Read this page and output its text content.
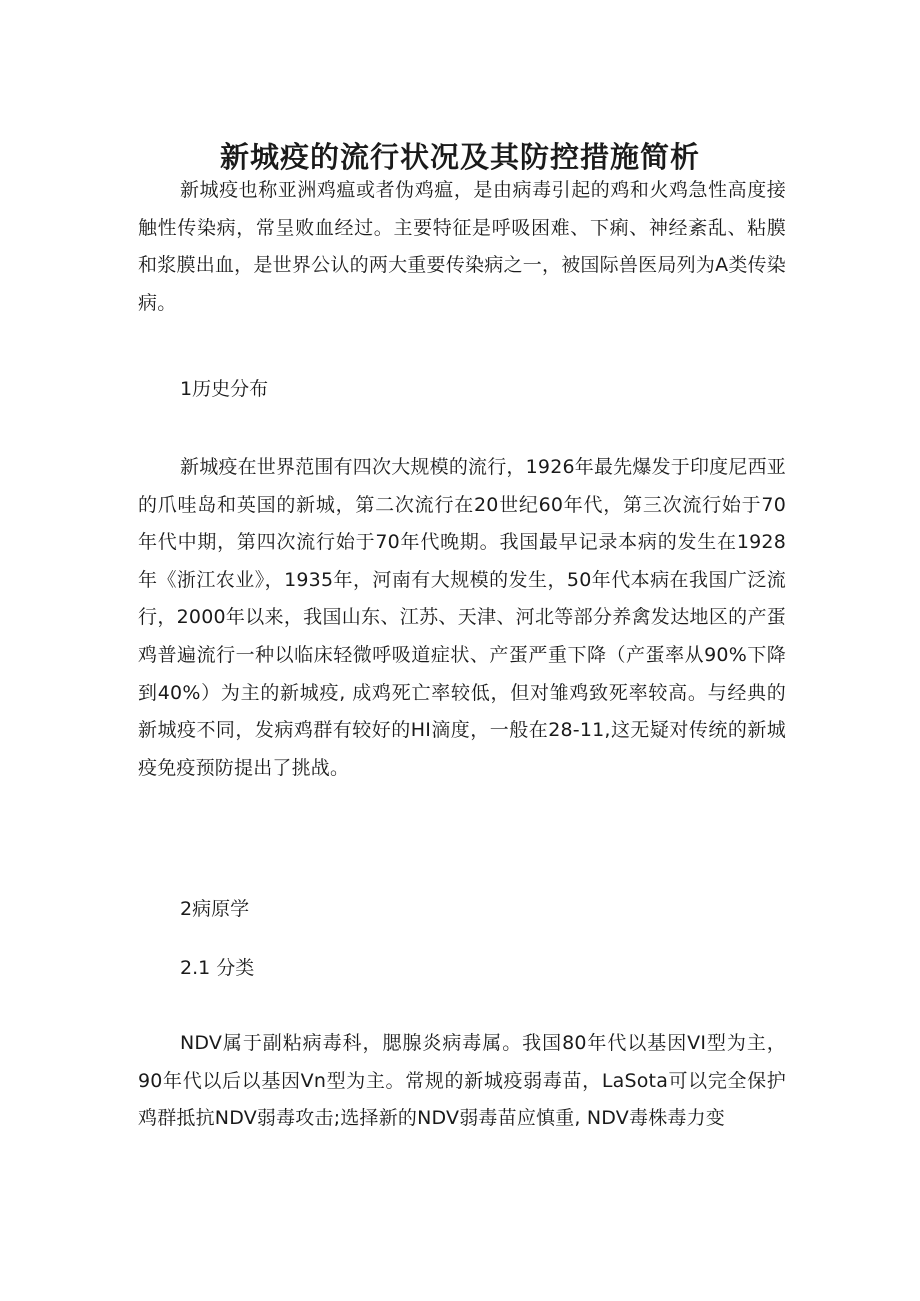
新城疫的流行状况及其防控措施简析

新城疫也称亚洲鸡瘟或者伪鸡瘟，是由病毒引起的鸡和火鸡急性高度接触性传染病，常呈败血经过。主要特征是呼吸困难、下痢、神经紊乱、粘膜和浆膜出血，是世界公认的两大重要传染病之一，被国际兽医局列为A类传染病。

1历史分布

新城疫在世界范围有四次大规模的流行，1926年最先爆发于印度尼西亚的爪哇岛和英国的新城，第二次流行在20世纪60年代，第三次流行始于70年代中期，第四次流行始于70年代晚期。我国最早记录本病的发生在1928年《浙江农业》，1935年，河南有大规模的发生，50年代本病在我国广泛流行，2000年以来，我国山东、江苏、天津、河北等部分养禽发达地区的产蛋鸡普遍流行一种以临床轻微呼吸道症状、产蛋严重下降（产蛋率从90%下降到40%）为主的新城疫, 成鸡死亡率较低，但对雏鸡致死率较高。与经典的新城疫不同，发病鸡群有较好的HI滴度，一般在28-11,这无疑对传统的新城疫免疫预防提出了挑战。

2病原学

2.1 分类

NDV属于副粘病毒科，腮腺炎病毒属。我国80年代以基因VI型为主，90年代以后以基因Vn型为主。常规的新城疫弱毒苗，LaSota可以完全保护鸡群抵抗NDV弱毒攻击;选择新的NDV弱毒苗应慎重, NDV毒株毒力变
